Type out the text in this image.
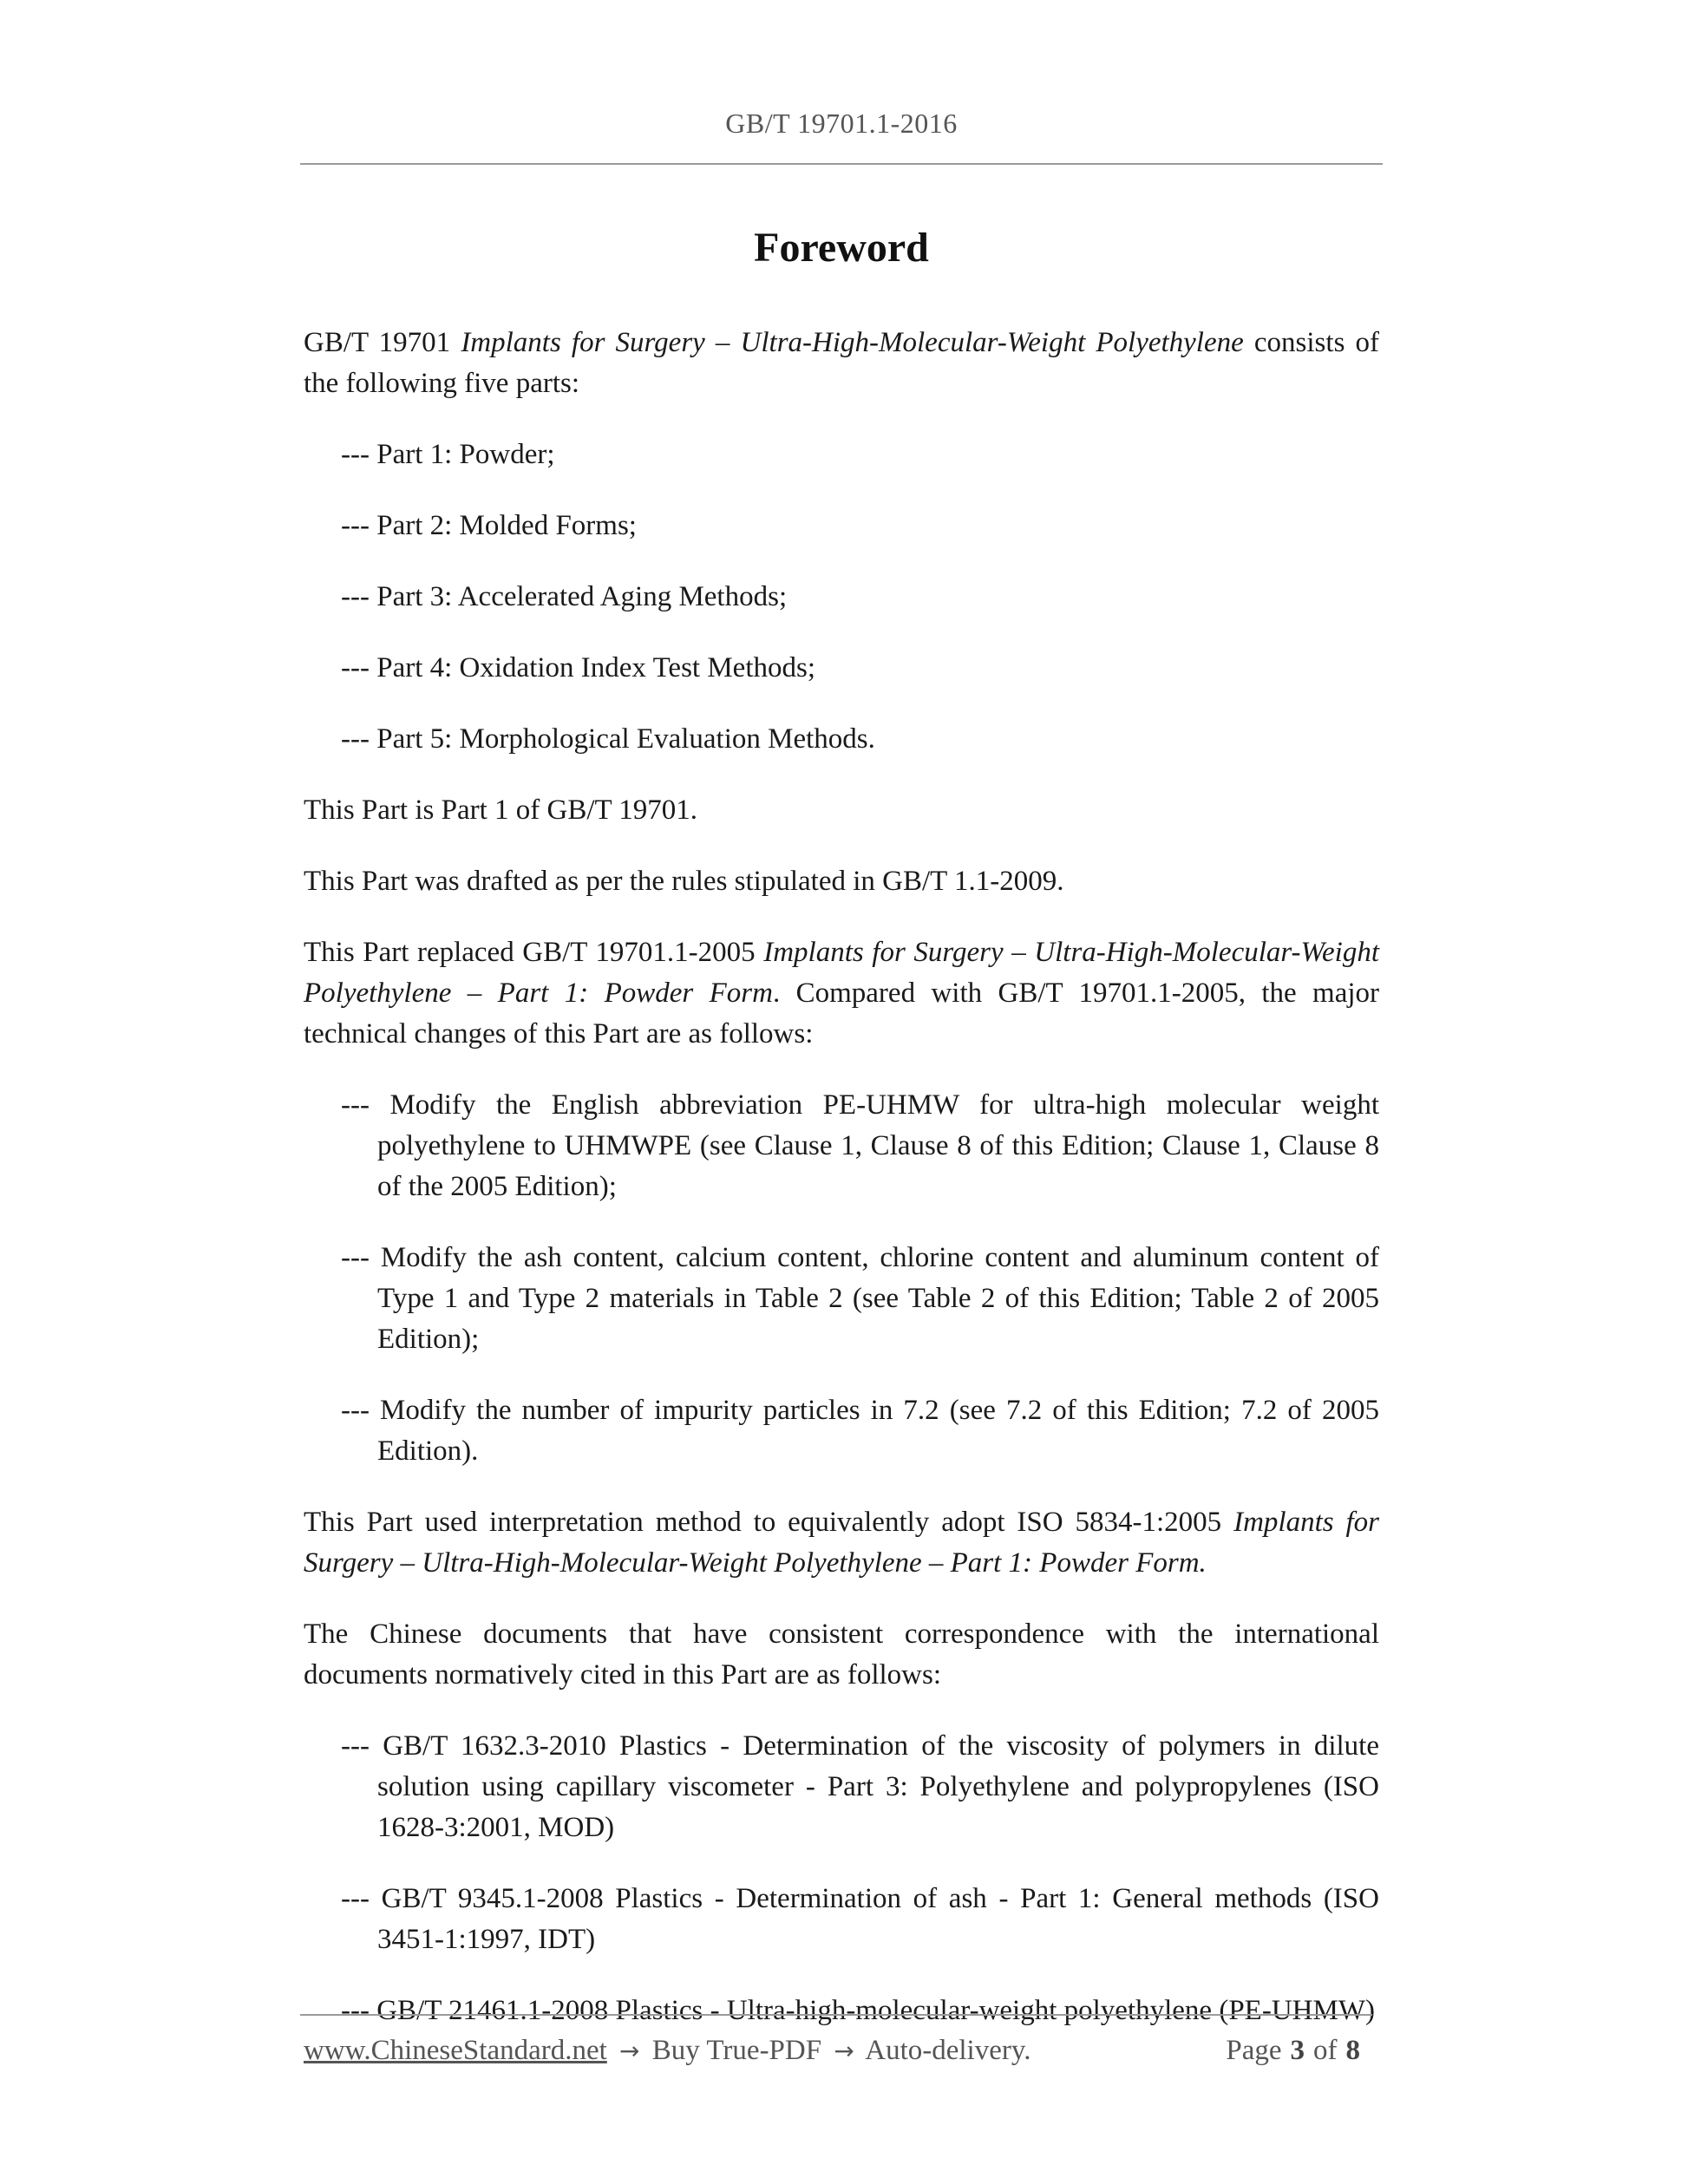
GB/T 19701.1-2016
Foreword

GB/T 19701 Implants for Surgery – Ultra-High-Molecular-Weight Polyethylene consists of the following five parts:

--- Part 1: Powder;
--- Part 2: Molded Forms;
--- Part 3: Accelerated Aging Methods;
--- Part 4: Oxidation Index Test Methods;
--- Part 5: Morphological Evaluation Methods.

This Part is Part 1 of GB/T 19701.

This Part was drafted as per the rules stipulated in GB/T 1.1-2009.

This Part replaced GB/T 19701.1-2005 Implants for Surgery – Ultra-High-Molecular-Weight Polyethylene – Part 1: Powder Form. Compared with GB/T 19701.1-2005, the major technical changes of this Part are as follows:

--- Modify the English abbreviation PE-UHMW for ultra-high molecular weight polyethylene to UHMWPE (see Clause 1, Clause 8 of this Edition; Clause 1, Clause 8 of the 2005 Edition);
--- Modify the ash content, calcium content, chlorine content and aluminum content of Type 1 and Type 2 materials in Table 2 (see Table 2 of this Edition; Table 2 of 2005 Edition);
--- Modify the number of impurity particles in 7.2 (see 7.2 of this Edition; 7.2 of 2005 Edition).

This Part used interpretation method to equivalently adopt ISO 5834-1:2005 Implants for Surgery – Ultra-High-Molecular-Weight Polyethylene – Part 1: Powder Form.

The Chinese documents that have consistent correspondence with the international documents normatively cited in this Part are as follows:

--- GB/T 1632.3-2010 Plastics - Determination of the viscosity of polymers in dilute solution using capillary viscometer - Part 3: Polyethylene and polypropylenes (ISO 1628-3:2001, MOD)
--- GB/T 9345.1-2008 Plastics - Determination of ash - Part 1: General methods (ISO 3451-1:1997, IDT)
--- GB/T 21461.1-2008 Plastics - Ultra-high-molecular-weight polyethylene (PE-UHMW)
www.ChineseStandard.net → Buy True-PDF → Auto-delivery.	Page 3 of 8
